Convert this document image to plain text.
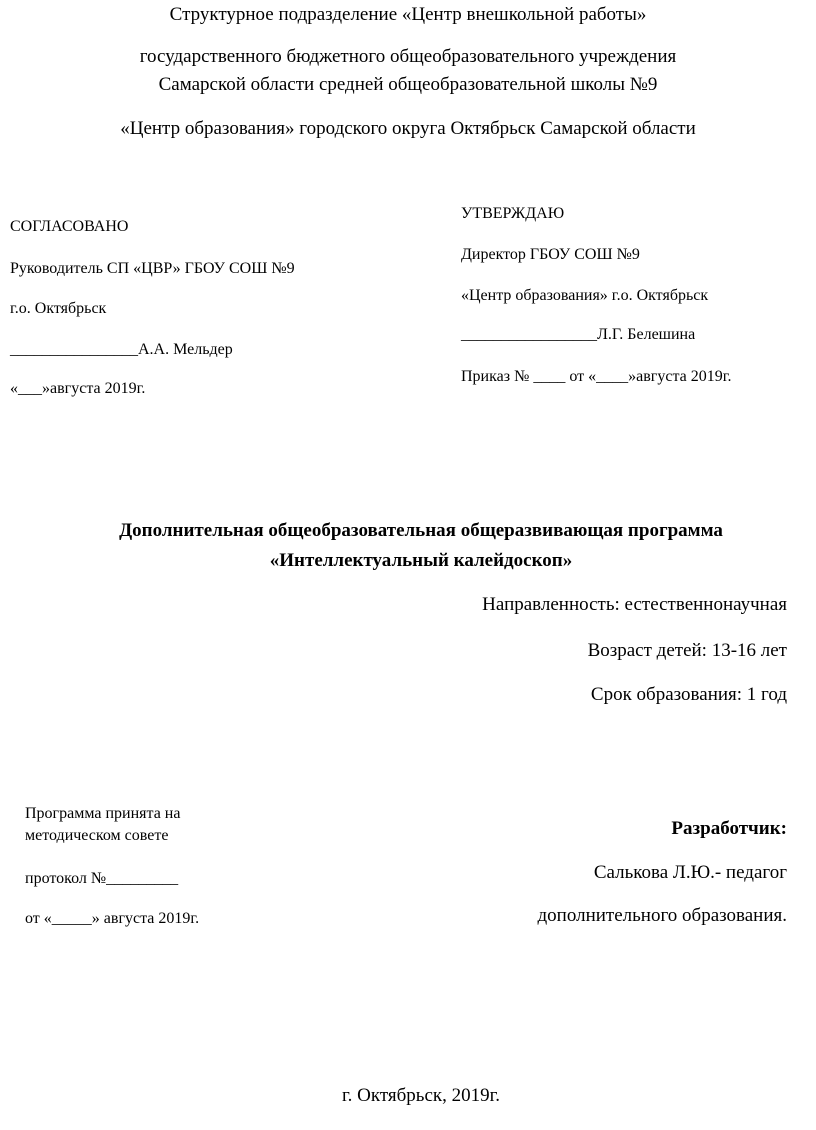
Структурное подразделение «Центр внешкольной работы»
государственного бюджетного общеобразовательного учреждения
Самарской области средней общеобразовательной школы №9
«Центр образования» городского округа Октябрьск Самарской области
СОГЛАСОВАНО
Руководитель СП «ЦВР» ГБОУ СОШ №9
г.о. Октябрьск
________________А.А. Мельдер
«___»августа 2019г.
УТВЕРЖДАЮ
Директор ГБОУ СОШ №9
«Центр образования» г.о. Октябрьск
_________________Л.Г. Белешина
Приказ № ____ от «____»августа 2019г.
Дополнительная общеобразовательная общеразвивающая программа
«Интеллектуальный калейдоскоп»
Направленность: естественнонаучная
Возраст детей: 13-16 лет
Срок образования: 1 год
Программа принята на
методическом совете
протокол №_________
от «_____» августа 2019г.
Разработчик:
Салькова Л.Ю.- педагог
дополнительного образования.
г. Октябрьск, 2019г.
